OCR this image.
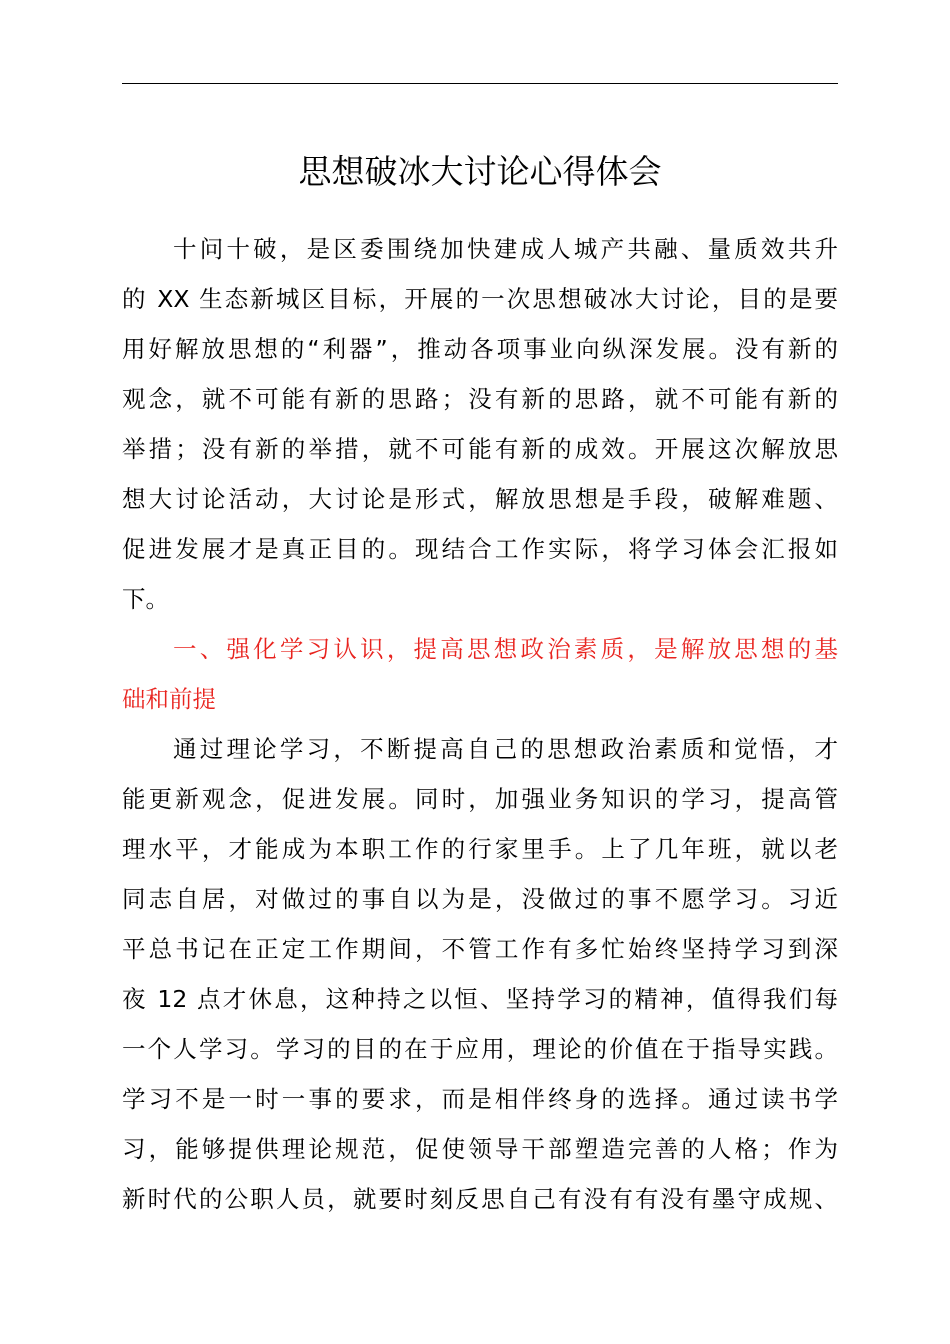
思想破冰大讨论心得体会
十问十破，是区委围绕加快建成人城产共融、量质效共升
的 XX 生态新城区目标，开展的一次思想破冰大讨论，目的是要
用好解放思想的“利器”，推动各项事业向纵深发展。没有新的
观念，就不可能有新的思路；没有新的思路，就不可能有新的
举措；没有新的举措，就不可能有新的成效。开展这次解放思
想大讨论活动，大讨论是形式，解放思想是手段，破解难题、
促进发展才是真正目的。现结合工作实际，将学习体会汇报如
下。
一、强化学习认识，提高思想政治素质，是解放思想的基
础和前提
通过理论学习，不断提高自己的思想政治素质和觉悟，才
能更新观念，促进发展。同时，加强业务知识的学习，提高管
理水平，才能成为本职工作的行家里手。上了几年班，就以老
同志自居，对做过的事自以为是，没做过的事不愿学习。习近
平总书记在正定工作期间，不管工作有多忙始终坚持学习到深
夜 12 点才休息，这种持之以恒、坚持学习的精神，值得我们每
一个人学习。学习的目的在于应用，理论的价值在于指导实践。
学习不是一时一事的要求，而是相伴终身的选择。通过读书学
习，能够提供理论规范，促使领导干部塑造完善的人格；作为
新时代的公职人员，就要时刻反思自己有没有有没有墨守成规、
